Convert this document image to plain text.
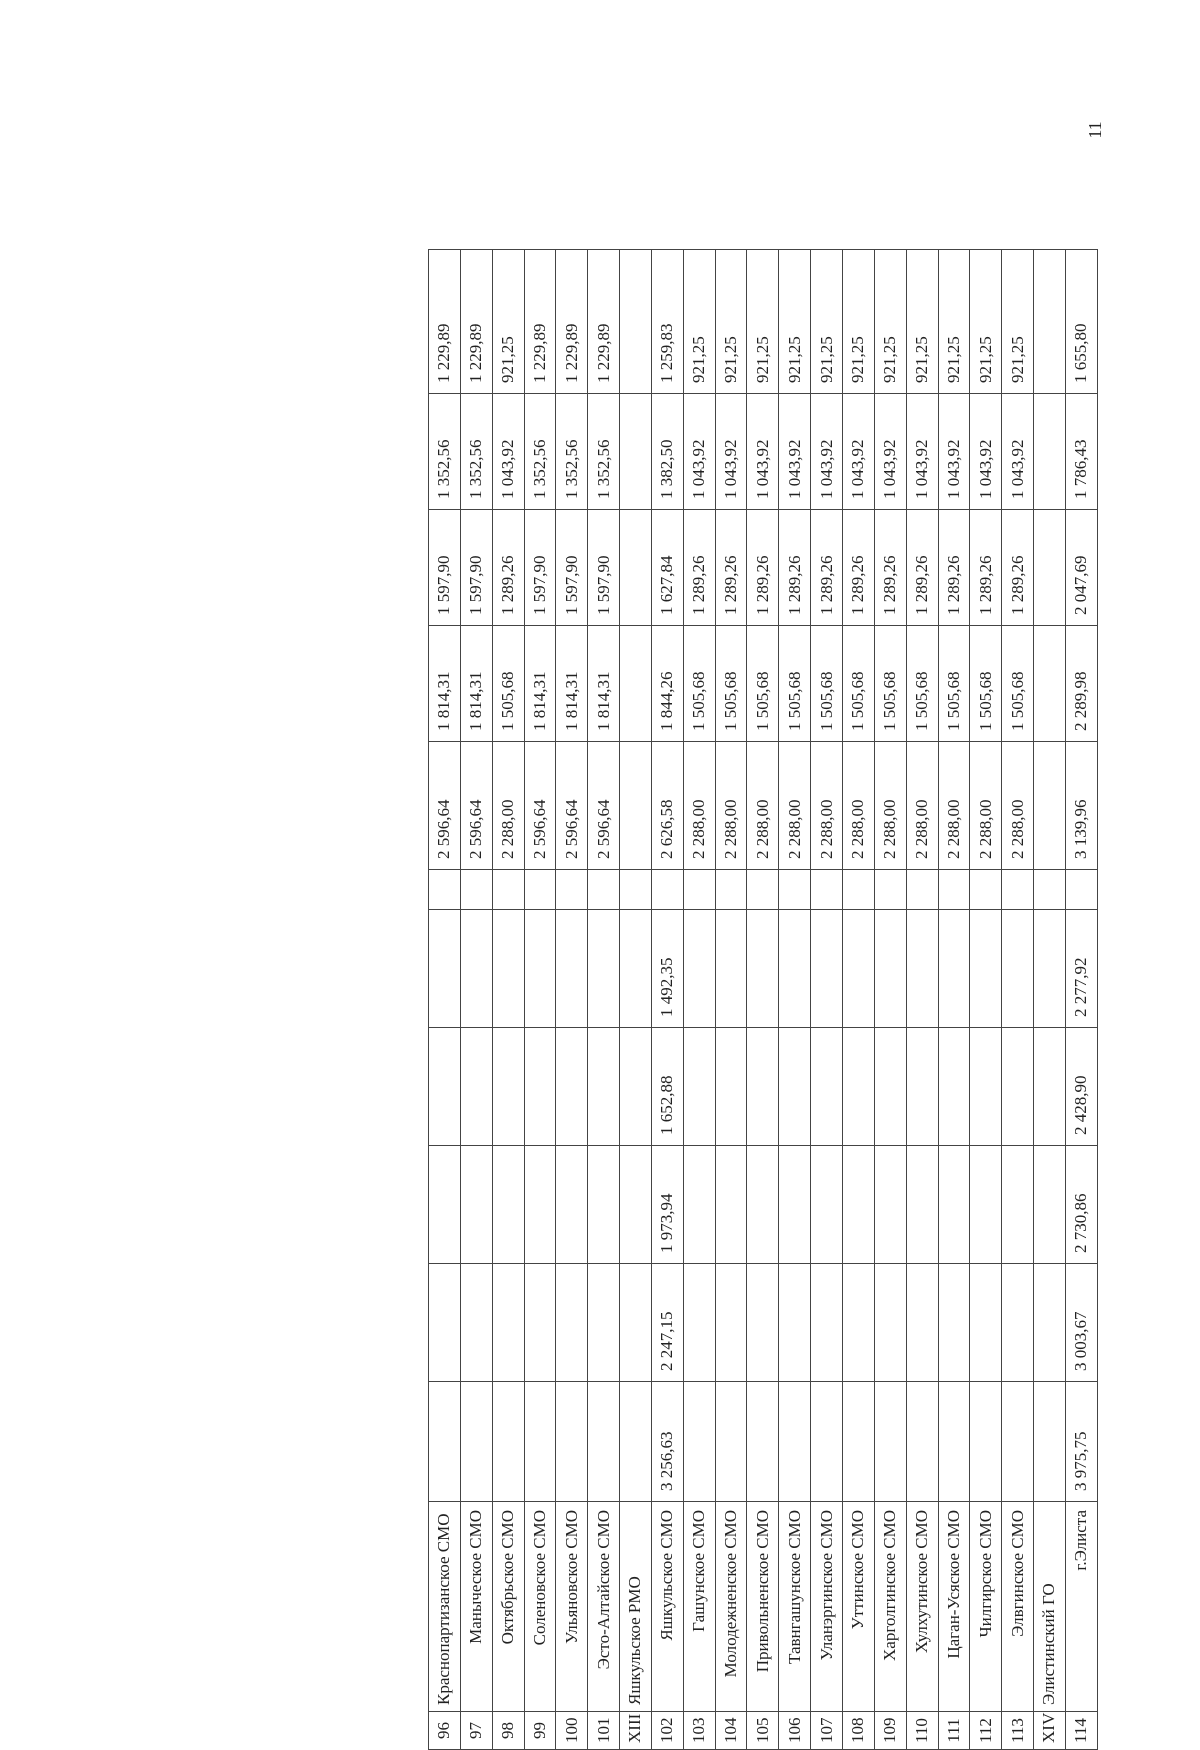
96	Краснопартизанское СМО							2 596,64	1 814,31	1 597,90	1 352,56	1 229,89
97	Маныческое СМО							2 596,64	1 814,31	1 597,90	1 352,56	1 229,89
98	Октябрьское СМО							2 288,00	1 505,68	1 289,26	1 043,92	921,25
99	Соленовское СМО							2 596,64	1 814,31	1 597,90	1 352,56	1 229,89
100	Ульяновское СМО							2 596,64	1 814,31	1 597,90	1 352,56	1 229,89
101	Эсто-Алтайское СМО							2 596,64	1 814,31	1 597,90	1 352,56	1 229,89
XIII	Яшкульское РМО											
102	Яшкульское СМО	3 256,63	2 247,15	1 973,94	1 652,88	1 492,35		2 626,58	1 844,26	1 627,84	1 382,50	1 259,83
103	Гашунское СМО							2 288,00	1 505,68	1 289,26	1 043,92	921,25
104	Молодежненское СМО							2 288,00	1 505,68	1 289,26	1 043,92	921,25
105	Привольненское СМО							2 288,00	1 505,68	1 289,26	1 043,92	921,25
106	Тавнгашунское СМО							2 288,00	1 505,68	1 289,26	1 043,92	921,25
107	Уланэргинское СМО							2 288,00	1 505,68	1 289,26	1 043,92	921,25
108	Уттинское СМО							2 288,00	1 505,68	1 289,26	1 043,92	921,25
109	Харголгинское СМО							2 288,00	1 505,68	1 289,26	1 043,92	921,25
110	Хулхутинское СМО							2 288,00	1 505,68	1 289,26	1 043,92	921,25
111	Цаган-Усяское СМО							2 288,00	1 505,68	1 289,26	1 043,92	921,25
112	Чилгирское СМО							2 288,00	1 505,68	1 289,26	1 043,92	921,25
113	Элвгинское СМО							2 288,00	1 505,68	1 289,26	1 043,92	921,25
XIV	Элистинский ГО											
114	г.Элиста	3 975,75	3 003,67	2 730,86	2 428,90	2 277,92		3 139,96	2 289,98	2 047,69	1 786,43	1 655,80
11
